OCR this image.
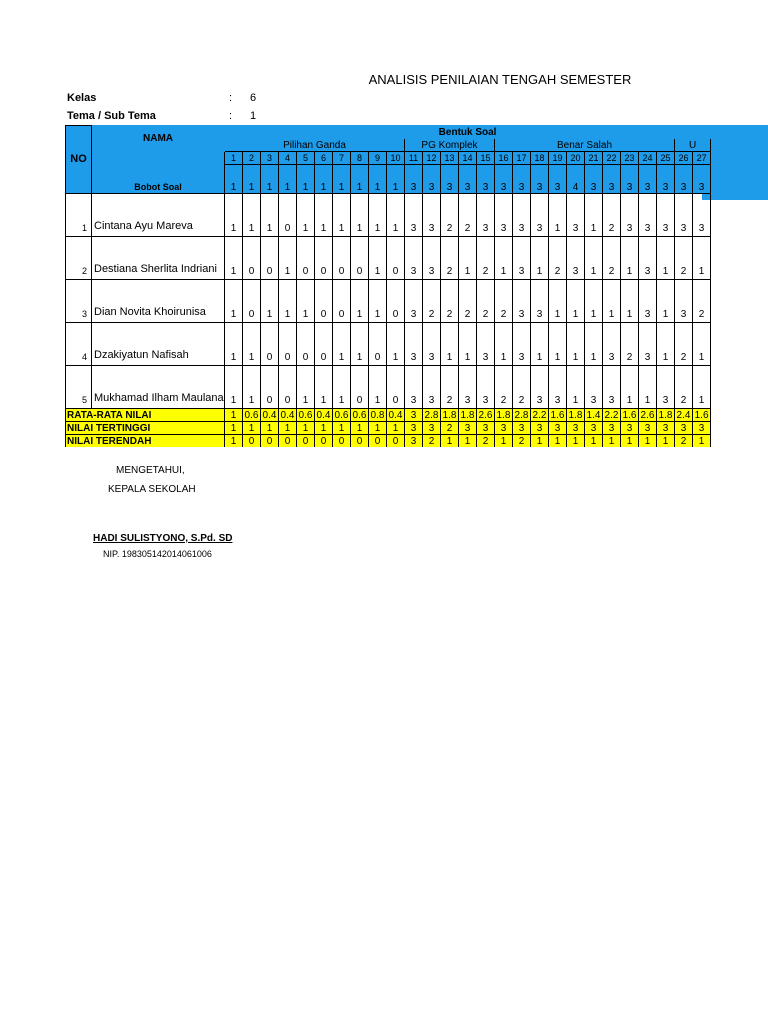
ANALISIS PENILAIAN TENGAH SEMESTER
Kelas	: 6
Tema / Sub Tema	: 1
NO	NAMA	Bentuk Soal																										
		Pilihan Ganda										PG Komplek					Benar Salah										U	
	Bobot Soal	1	2	3	4	5	6	7	8	9	10	11	12	13	14	15	16	17	18	19	20	21	22	23	24	25	26	27
		1	1	1	1	1	1	1	1	1	1	3	3	3	3	3	3	3	3	3	4	3	3	3	3	3	3	3
1	Cintana Ayu Mareva	1	1	1	0	1	1	1	1	1	1	3	3	2	2	3	3	3	3	1	3	1	2	3	3	3	3	3
2	Destiana Sherlita Indriani	1	0	0	1	0	0	0	0	1	0	3	3	2	1	2	1	3	1	2	3	1	2	1	3	1	2	1
3	Dian Novita Khoirunisa	1	0	1	1	1	0	0	1	1	0	3	2	2	2	2	2	3	3	1	1	1	1	1	3	1	3	2
4	Dzakiyatun Nafisah	1	1	0	0	0	0	1	1	0	1	3	3	1	1	3	1	3	1	1	1	1	3	2	3	1	2	1
5	Mukhamad Ilham Maulana	1	1	0	0	1	1	1	0	1	0	3	3	2	3	3	2	2	3	3	1	3	3	1	1	3	2	1
RATA-RATA NILAI		1	0.6	0.4	0.4	0.6	0.4	0.6	0.6	0.8	0.4	3	2.8	1.8	1.8	2.6	1.8	2.8	2.2	1.6	1.8	1.4	2.2	1.6	2.6	1.8	2.4	1.6
NILAI TERTINGGI		1	1	1	1	1	1	1	1	1	1	3	3	2	3	3	3	3	3	3	3	3	3	3	3	3	3	3
NILAI TERENDAH		1	0	0	0	0	0	0	0	0	0	3	2	1	1	2	1	2	1	1	1	1	1	1	1	1	2	1
MENGETAHUI,
KEPALA SEKOLAH
HADI SULISTYONO, S.Pd. SD
NIP. 198305142014061006
